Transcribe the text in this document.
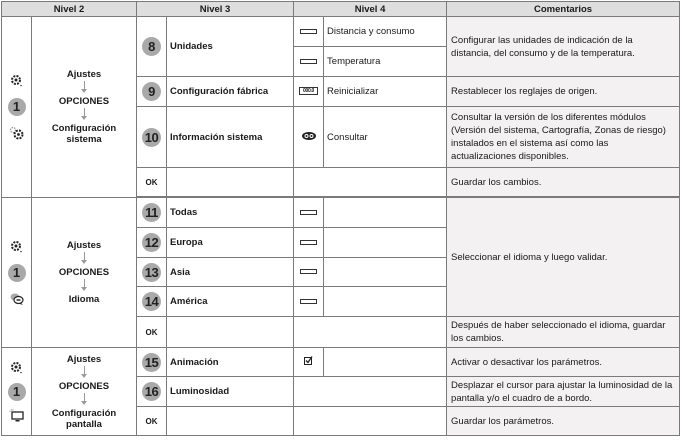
Nivel 2		Nivel 3		Nivel 4		Comentarios

1	Ajustes
OPCIONES
Configuración
sistema	8	Unidades		Distancia y consumo	Configurar las unidades de indicación de la distancia, del consumo y de la temperatura.
					Temperatura	
		9	Configuración fábrica	000.0	Reinicializar	Restablecer los reglajes de origen.
		10	Información sistema		Consultar	Consultar la versión de los diferentes módulos (Versión del sistema, Cartografía, Zonas de riesgo) instalados en el sistema así como las actualizaciones disponibles.
		OK				Guardar los cambios.

1	Ajustes
OPCIONES
Idioma	11	Todas			Seleccionar el idioma y luego validar.
		12	Europa			
		13	Asia			
		14	América			
		OK				Después de haber seleccionado el idioma, guardar los cambios.

1	Ajustes
OPCIONES
Configuración
pantalla	15	Animación			Activar o desactivar los parámetros.
		16	Luminosidad			Desplazar el cursor para ajustar la luminosidad de la pantalla y/o el cuadro de a bordo.
		OK				Guardar los parámetros.
